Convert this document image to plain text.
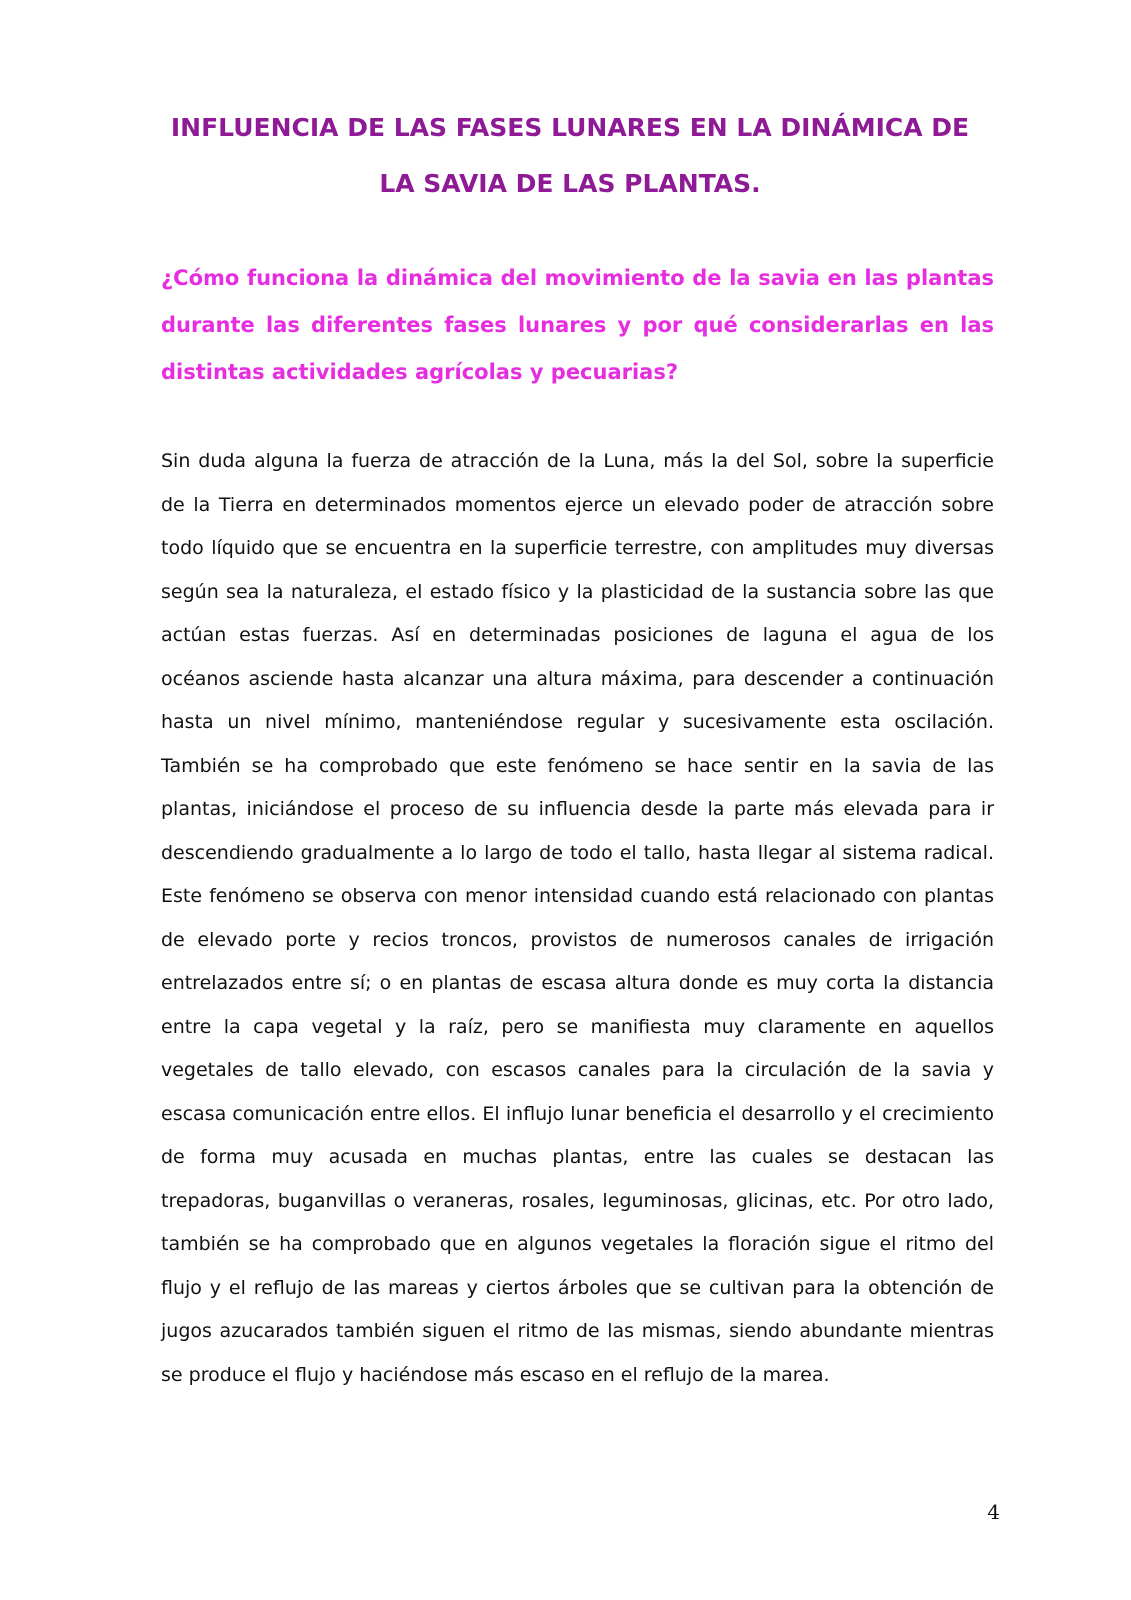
INFLUENCIA DE LAS FASES LUNARES EN LA DINÁMICA DE LA SAVIA DE LAS PLANTAS.

¿Cómo funciona la dinámica del movimiento de la savia en las plantas durante las diferentes fases lunares y por qué considerarlas en las distintas actividades agrícolas y pecuarias?

Sin duda alguna la fuerza de atracción de la Luna, más la del Sol, sobre la superficie de la Tierra en determinados momentos ejerce un elevado poder de atracción sobre todo líquido que se encuentra en la superficie terrestre, con amplitudes muy diversas según sea la naturaleza, el estado físico y la plasticidad de la sustancia sobre las que actúan estas fuerzas. Así en determinadas posiciones de laguna el agua de los océanos asciende hasta alcanzar una altura máxima, para descender a continuación hasta un nivel mínimo, manteniéndose regular y sucesivamente esta oscilación. También se ha comprobado que este fenómeno se hace sentir en la savia de las plantas, iniciándose el proceso de su influencia desde la parte más elevada para ir descendiendo gradualmente a lo largo de todo el tallo, hasta llegar al sistema radical. Este fenómeno se observa con menor intensidad cuando está relacionado con plantas de elevado porte y recios troncos, provistos de numerosos canales de irrigación entrelazados entre sí; o en plantas de escasa altura donde es muy corta la distancia entre la capa vegetal y la raíz, pero se manifiesta muy claramente en aquellos vegetales de tallo elevado, con escasos canales para la circulación de la savia y escasa comunicación entre ellos. El influjo lunar beneficia el desarrollo y el crecimiento de forma muy acusada en muchas plantas, entre las cuales se destacan las trepadoras, buganvillas o veraneras, rosales, leguminosas, glicinas, etc. Por otro lado, también se ha comprobado que en algunos vegetales la floración sigue el ritmo del flujo y el reflujo de las mareas y ciertos árboles que se cultivan para la obtención de jugos azucarados también siguen el ritmo de las mismas, siendo abundante mientras se produce el flujo y haciéndose más escaso en el reflujo de la marea.

4
